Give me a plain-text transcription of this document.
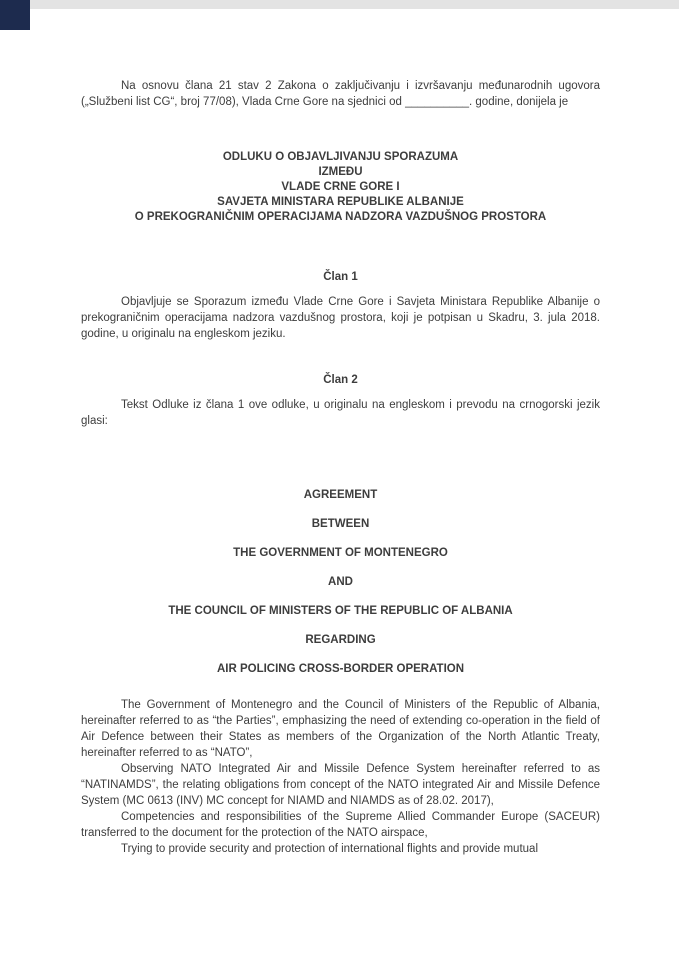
Na osnovu člana 21 stav 2 Zakona o zaključivanju i izvršavanju međunarodnih ugovora („Službeni list CG“, broj 77/08), Vlada Crne Gore na sjednici od __________. godine, donijela je

ODLUKU O OBJAVLJIVANJU SPORAZUMA
IZMEĐU
VLADE CRNE GORE I
SAVJETA MINISTARA REPUBLIKE ALBANIJE
O PREKOGRANIČNIM OPERACIJAMA NADZORA VAZDUŠNOG PROSTORA
Član 1

Objavljuje se Sporazum između Vlade Crne Gore i Savjeta Ministara Republike Albanije o prekograničnim operacijama nadzora vazdušnog prostora, koji je potpisan u Skadru, 3. jula 2018. godine, u originalu na engleskom jeziku.

Član 2

Tekst Odluke iz člana 1 ove odluke, u originalu na engleskom i prevodu na crnogorski jezik glasi:

AGREEMENT
BETWEEN
THE GOVERNMENT OF MONTENEGRO
AND
THE COUNCIL OF MINISTERS OF THE REPUBLIC OF ALBANIA
REGARDING
AIR POLICING CROSS-BORDER OPERATION

The Government of Montenegro and the Council of Ministers of the Republic of Albania, hereinafter referred to as “the Parties”, emphasizing the need of extending co-operation in the field of Air Defence between their States as members of the Organization of the North Atlantic Treaty, hereinafter referred to as “NATO”,

Observing NATO Integrated Air and Missile Defence System hereinafter referred to as “NATINAMDS”, the relating obligations from concept of the NATO integrated Air and Missile Defence System (MC 0613 (INV) MC concept for NIAMD and NIAMDS as of 28.02. 2017),

Competencies and responsibilities of the Supreme Allied Commander Europe (SACEUR) transferred to the document for the protection of the NATO airspace,

Trying to provide security and protection of international flights and provide mutual
